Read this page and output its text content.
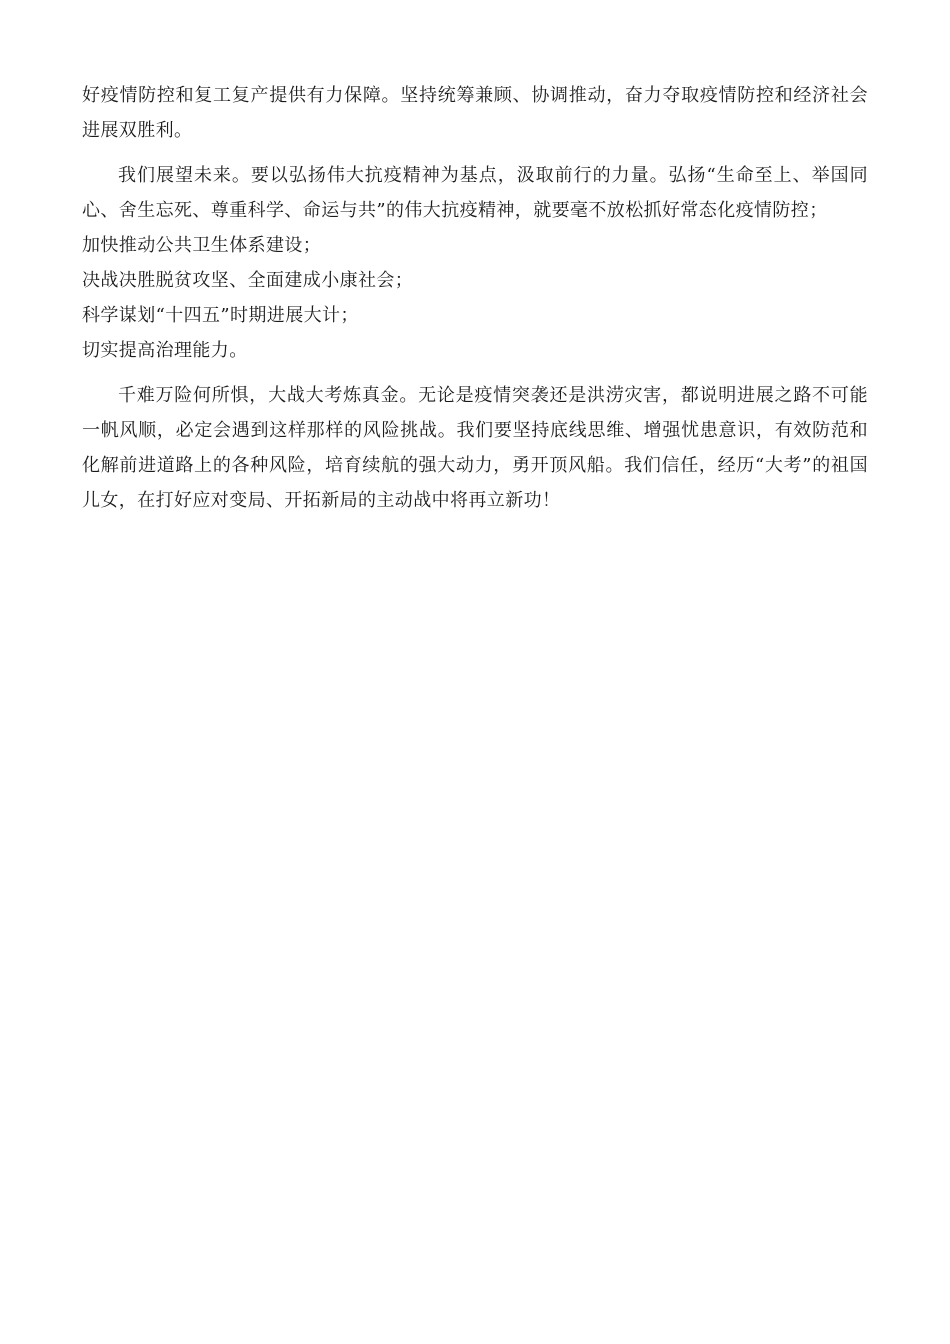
好疫情防控和复工复产提供有力保障。坚持统筹兼顾、协调推动，奋力夺取疫情防控和经济社会进展双胜利。

我们展望未来。要以弘扬伟大抗疫精神为基点，汲取前行的力量。弘扬“生命至上、举国同心、舍生忘死、尊重科学、命运与共”的伟大抗疫精神，就要毫不放松抓好常态化疫情防控；

加快推动公共卫生体系建设；

决战决胜脱贫攻坚、全面建成小康社会；

科学谋划“十四五”时期进展大计；

切实提高治理能力。

千难万险何所惧，大战大考炼真金。无论是疫情突袭还是洪涝灾害，都说明进展之路不可能一帆风顺，必定会遇到这样那样的风险挑战。我们要坚持底线思维、增强忧患意识，有效防范和化解前进道路上的各种风险，培育续航的强大动力，勇开顶风船。我们信任，经历“大考”的祖国儿女，在打好应对变局、开拓新局的主动战中将再立新功！
